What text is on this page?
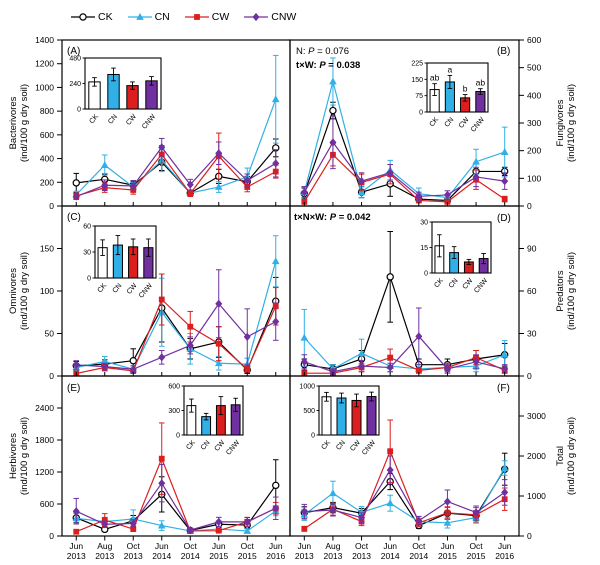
CK	CN	CW	CNW
0
200
400
600
800
1000
1200
1400
Bacterivores(ind/100 g dry soil)
(A)
0
240
480
CK CN CW CNW
0
100
200
300
400
500
600
Fungivores(ind/100 g dry soil)
N: P = 0.076
t×W: P = 0.038
(B)
0
75
150
225
ab
CK
a
CN
b
CW
ab
CNW
0
50
100
150
Omnivores(ind/100 g dry soil)
(C)
0
30
60
CK CN CW CNW
0
30
60
90
Predators(ind/100 g dry soil)
t×N×W: P = 0.042	(D)
0
15
30
CK CN CW
CNW
0
600
1200
1800
2400
Herbivores(ind/100 g dry soil)
(E)
0
300
600
CK CN CW
CNW
0
1000
2000
3000
Total(ind/100 g dry soil)
(F)
0
500
1000
CK CN CW
CNW
Jun
2013
Aug
2013
Oct
2013
Jun
2014
Oct
2014
Jun
2015
Oct
2015
Jun
2016
Jun
2013
Aug
2013
Oct
2013
Jun
2014
Oct
2014
Jun
2015
Oct
2015
Jun
2016
